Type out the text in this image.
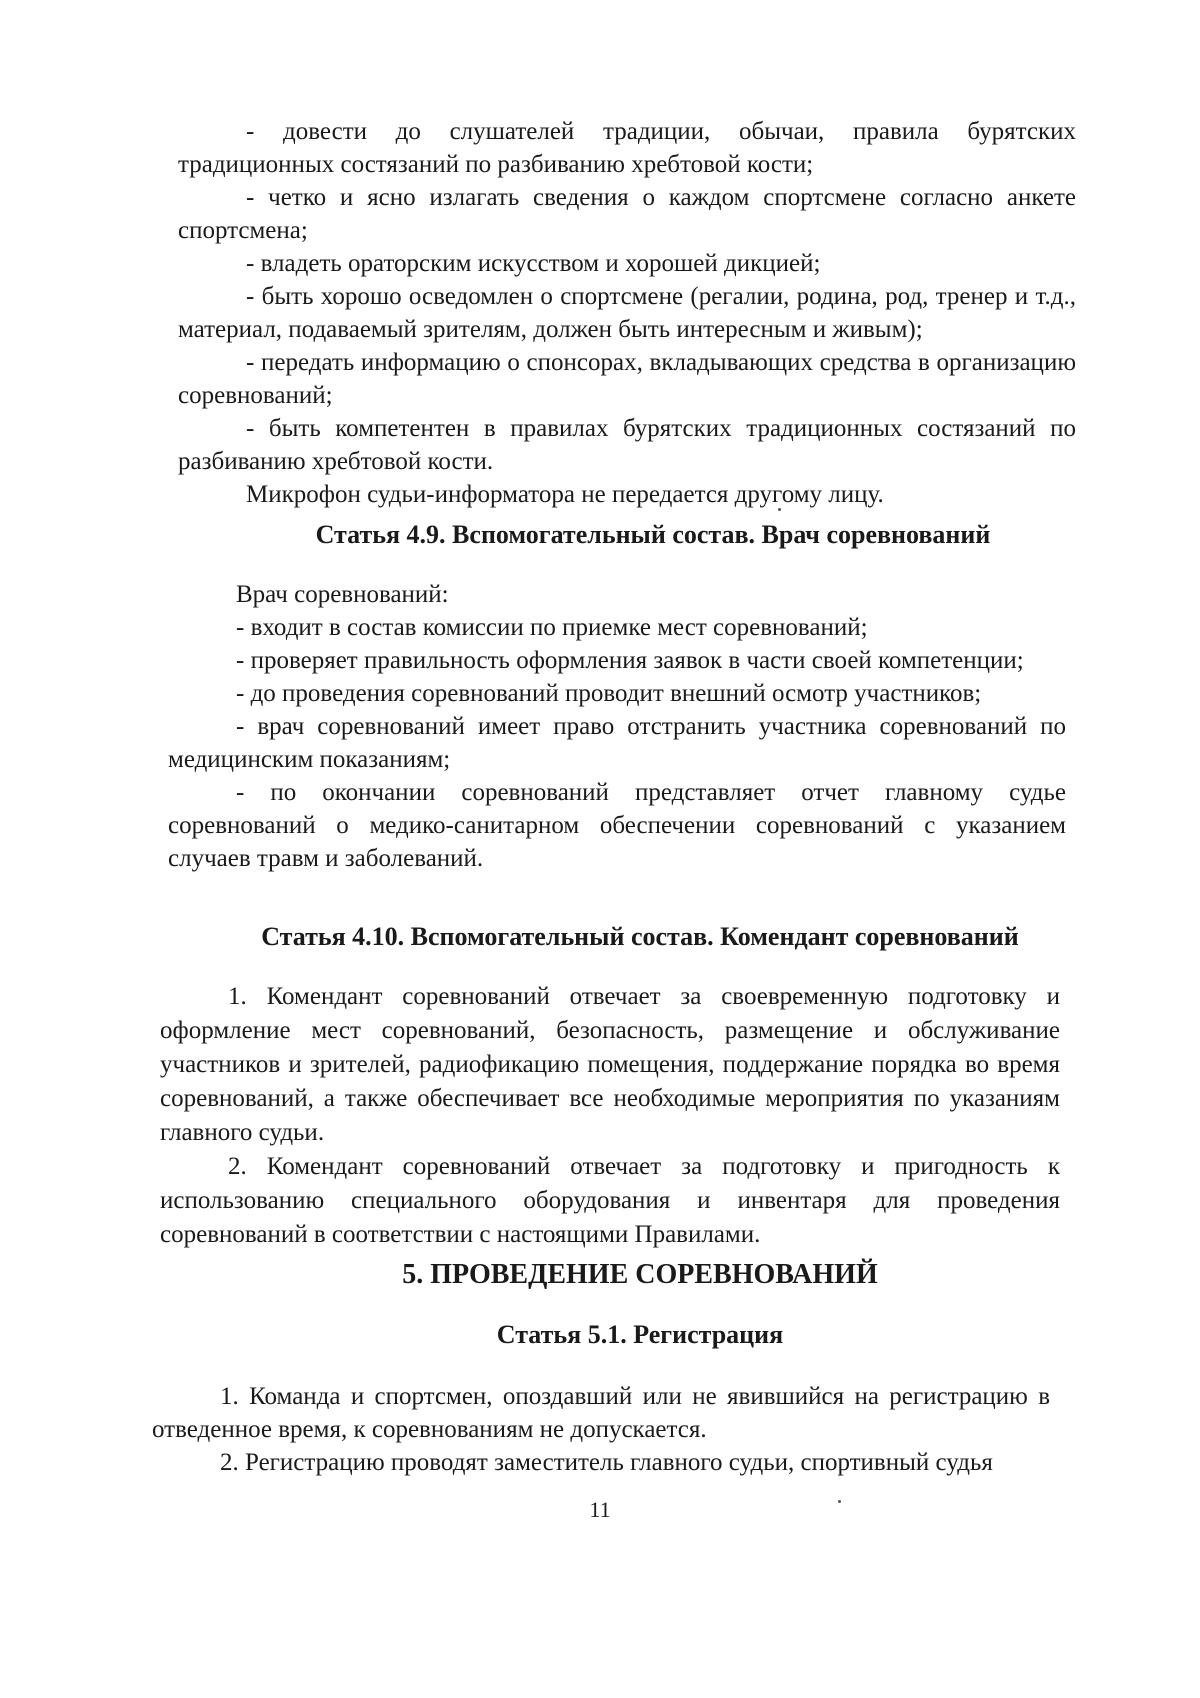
- довести до слушателей традиции, обычаи, правила бурятских традиционных состязаний по разбиванию хребтовой кости;

- четко и ясно излагать сведения о каждом спортсмене согласно анкете спортсмена;

- владеть ораторским искусством и хорошей дикцией;

- быть хорошо осведомлен о спортсмене (регалии, родина, род, тренер и т.д., материал, подаваемый зрителям, должен быть интересным и живым);

- передать информацию о спонсорах, вкладывающих средства в организацию соревнований;

- быть компетентен в правилах бурятских традиционных состязаний по разбиванию хребтовой кости.

Микрофон судьи-информатора не передается другому лицу.

Статья 4.9. Вспомогательный состав. Врач соревнований

Врач соревнований:

- входит в состав комиссии по приемке мест соревнований;

- проверяет правильность оформления заявок в части своей компетенции;

- до проведения соревнований проводит внешний осмотр участников;

- врач соревнований имеет право отстранить участника соревнований по медицинским показаниям;

- по окончании соревнований представляет отчет главному судье соревнований о медико-санитарном обеспечении соревнований с указанием случаев травм и заболеваний.

Статья 4.10. Вспомогательный состав. Комендант соревнований

1. Комендант соревнований отвечает за своевременную подготовку и оформление мест соревнований, безопасность, размещение и обслуживание участников и зрителей, радиофикацию помещения, поддержание порядка во время соревнований, а также обеспечивает все необходимые мероприятия по указаниям главного судьи.

2. Комендант соревнований отвечает за подготовку и пригодность к использованию специального оборудования и инвентаря для проведения соревнований в соответствии с настоящими Правилами.

5. ПРОВЕДЕНИЕ СОРЕВНОВАНИЙ
Статья 5.1. Регистрация

1. Команда и спортсмен, опоздавший или не явившийся на регистрацию в отведенное время, к соревнованиям не допускается.

2. Регистрацию проводят заместитель главного судьи, спортивный судья

11
